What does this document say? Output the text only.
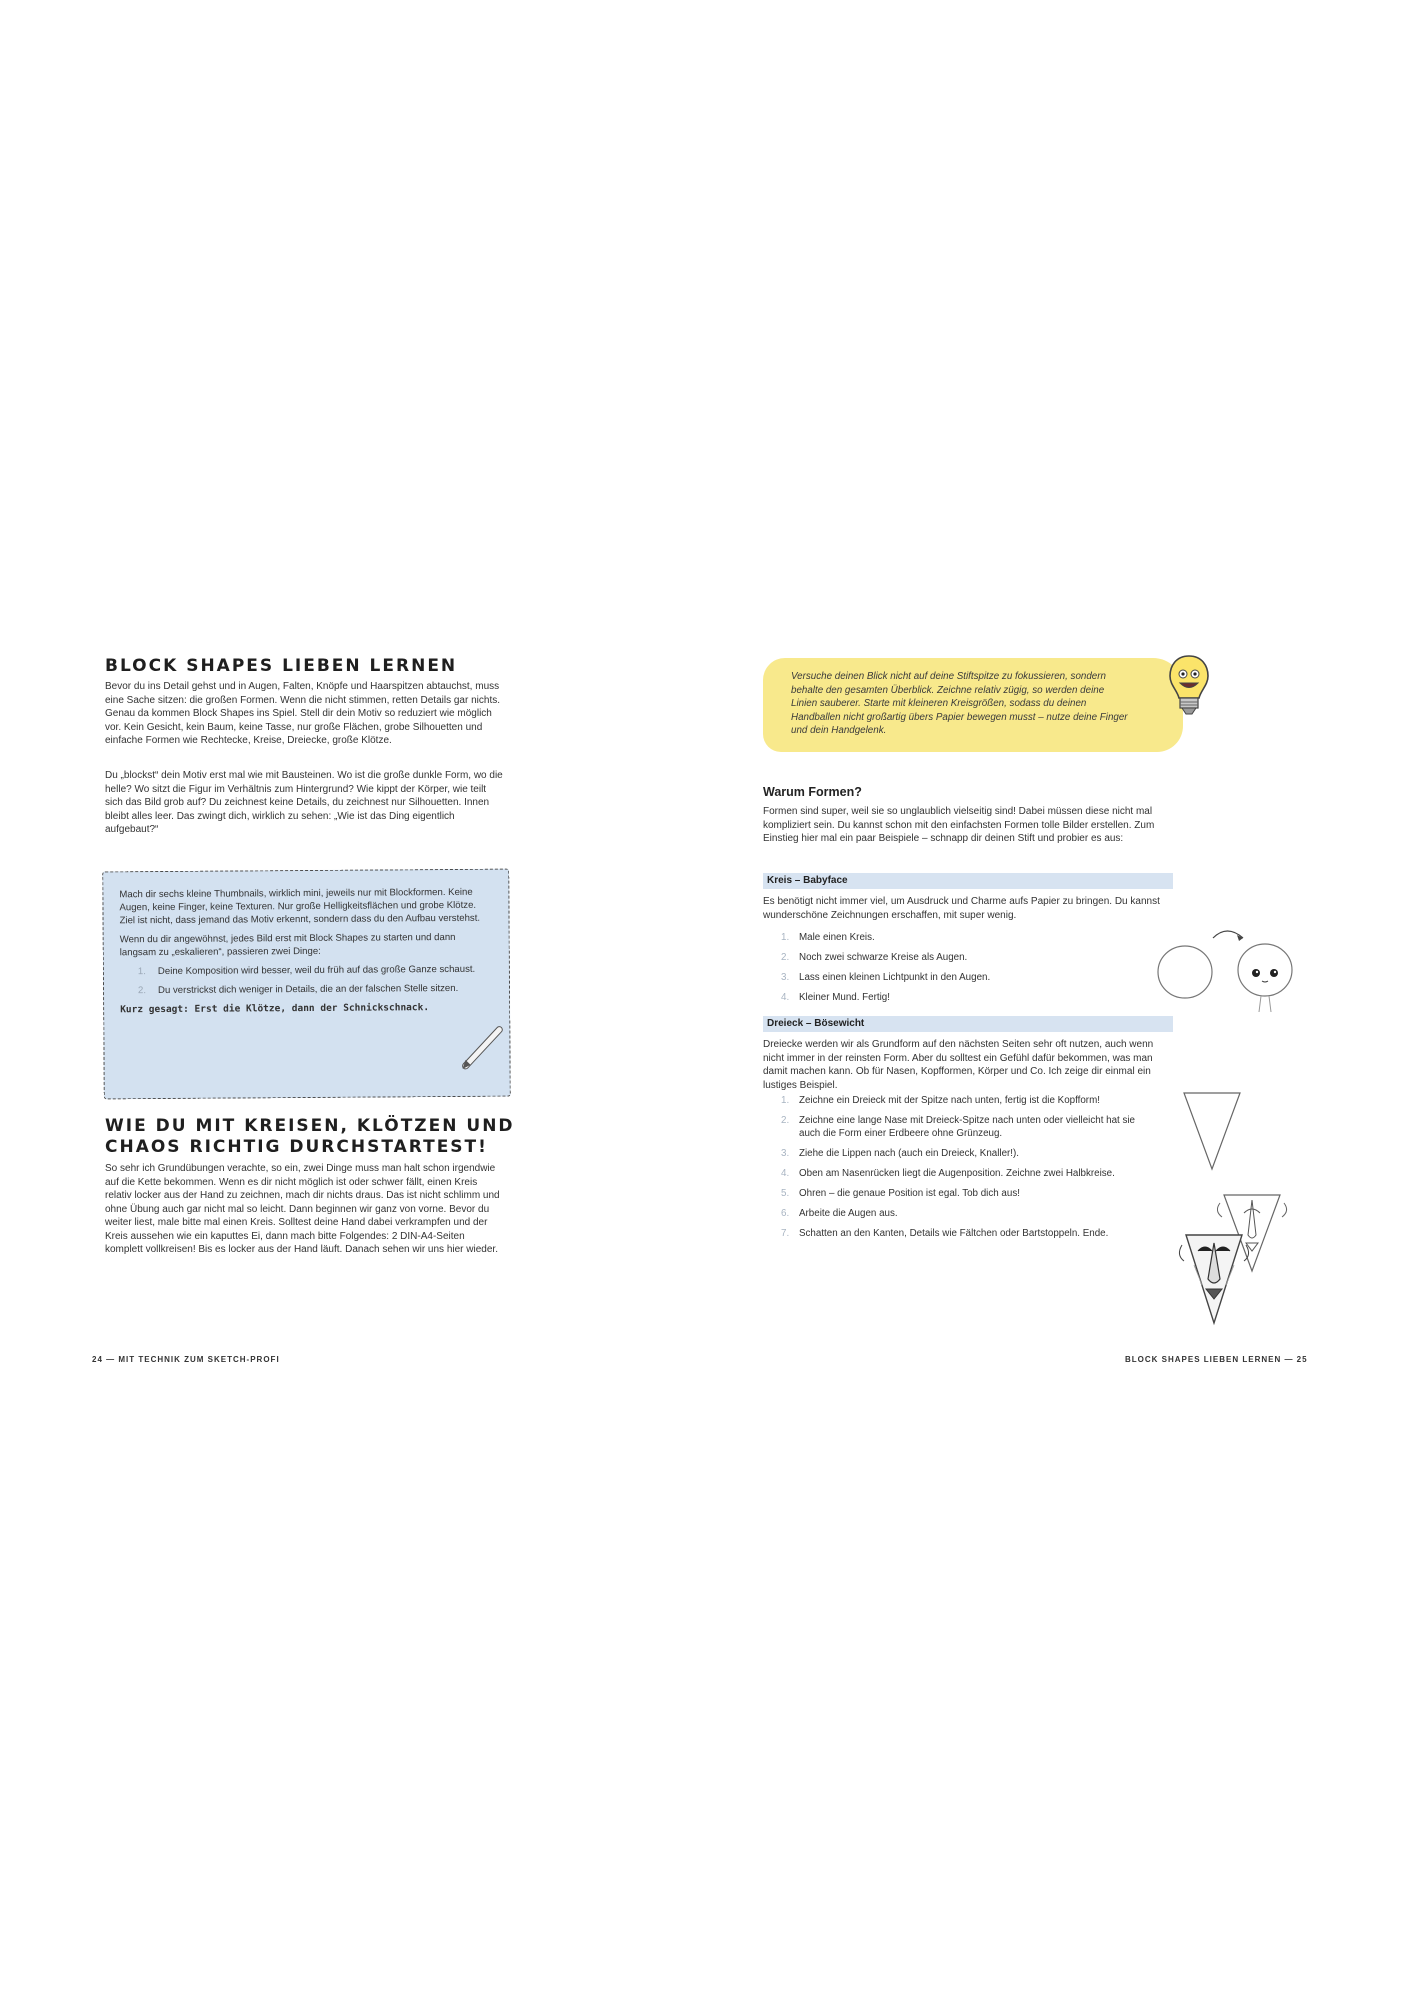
BLOCK SHAPES LIEBEN LERNEN

Bevor du ins Detail gehst und in Augen, Falten, Knöpfe und Haarspitzen abtauchst, muss eine Sache sitzen: die großen Formen. Wenn die nicht stimmen, retten Details gar nichts. Genau da kommen Block Shapes ins Spiel. Stell dir dein Motiv so reduziert wie möglich vor. Kein Gesicht, kein Baum, keine Tasse, nur große Flächen, grobe Silhouetten und einfache Formen wie Rechtecke, Kreise, Dreiecke, große Klötze.

Du „blockst“ dein Motiv erst mal wie mit Bausteinen. Wo ist die große dunkle Form, wo die helle? Wo sitzt die Figur im Verhältnis zum Hintergrund? Wie kippt der Körper, wie teilt sich das Bild grob auf? Du zeichnest keine Details, du zeichnest nur Silhouetten. Innen bleibt alles leer. Das zwingt dich, wirklich zu sehen: „Wie ist das Ding eigentlich aufgebaut?“

Mach dir sechs kleine Thumbnails, wirklich mini, jeweils nur mit Blockformen. Keine Augen, keine Finger, keine Texturen. Nur große Helligkeitsflächen und grobe Klötze. Ziel ist nicht, dass jemand das Motiv erkennt, sondern dass du den Aufbau verstehst.

Wenn du dir angewöhnst, jedes Bild erst mit Block Shapes zu starten und dann langsam zu „eskalieren“, passieren zwei Dinge:

1. Deine Komposition wird besser, weil du früh auf das große Ganze schaust.
2. Du verstrickst dich weniger in Details, die an der falschen Stelle sitzen.
Kurz gesagt: Erst die Klötze, dann der Schnickschnack.
WIE DU MIT KREISEN, KLÖTZEN UND
CHAOS RICHTIG DURCHSTARTEST!

So sehr ich Grundübungen verachte, so ein, zwei Dinge muss man halt schon irgendwie auf die Kette bekommen. Wenn es dir nicht möglich ist oder schwer fällt, einen Kreis relativ locker aus der Hand zu zeichnen, mach dir nichts draus. Das ist nicht schlimm und ohne Übung auch gar nicht mal so leicht. Dann beginnen wir ganz von vorne. Bevor du weiter liest, male bitte mal einen Kreis. Solltest deine Hand dabei verkrampfen und der Kreis aussehen wie ein kaputtes Ei, dann mach bitte Folgendes: 2 DIN-A4-Seiten komplett vollkreisen! Bis es locker aus der Hand läuft. Danach sehen wir uns hier wieder.

24 — MIT TECHNIK ZUM SKETCH-PROFI
Versuche deinen Blick nicht auf deine Stiftspitze zu fokussieren, sondern behalte den gesamten Überblick. Zeichne relativ zügig, so werden deine Linien sauberer. Starte mit kleineren Kreisgrößen, sodass du deinen Handballen nicht großartig übers Papier bewegen musst – nutze deine Finger und dein Handgelenk.
Warum Formen?

Formen sind super, weil sie so unglaublich vielseitig sind! Dabei müssen diese nicht mal kompliziert sein. Du kannst schon mit den einfachsten Formen tolle Bilder erstellen. Zum Einstieg hier mal ein paar Beispiele – schnapp dir deinen Stift und probier es aus:

Kreis – Babyface

Es benötigt nicht immer viel, um Ausdruck und Charme aufs Papier zu bringen. Du kannst wunderschöne Zeichnungen erschaffen, mit super wenig.

1. Male einen Kreis.
2. Noch zwei schwarze Kreise als Augen.
3. Lass einen kleinen Lichtpunkt in den Augen.
4. Kleiner Mund. Fertig!
Dreieck – Bösewicht

Dreiecke werden wir als Grundform auf den nächsten Seiten sehr oft nutzen, auch wenn nicht immer in der reinsten Form. Aber du solltest ein Gefühl dafür bekommen, was man damit machen kann. Ob für Nasen, Kopfformen, Körper und Co. Ich zeige dir einmal ein lustiges Beispiel.

1. Zeichne ein Dreieck mit der Spitze nach unten, fertig ist die Kopfform!
2. Zeichne eine lange Nase mit Dreieck-Spitze nach unten oder vielleicht hat sie auch die Form einer Erdbeere ohne Grünzeug.
3. Ziehe die Lippen nach (auch ein Dreieck, Knaller!).
4. Oben am Nasenrücken liegt die Augenposition. Zeichne zwei Halbkreise.
5. Ohren – die genaue Position ist egal. Tob dich aus!
6. Arbeite die Augen aus.
7. Schatten an den Kanten, Details wie Fältchen oder Bartstoppeln. Ende.
BLOCK SHAPES LIEBEN LERNEN — 25
